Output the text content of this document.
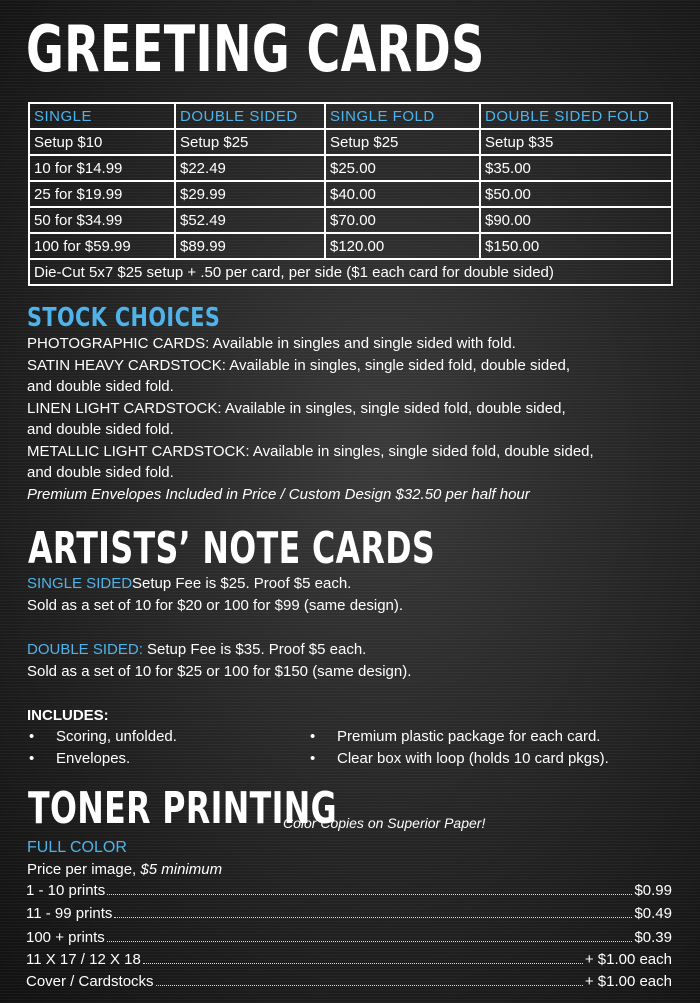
GREETING CARDS
SINGLE	DOUBLE SIDED	SINGLE FOLD	DOUBLE SIDED FOLD
Setup $10	Setup $25	Setup $25	Setup $35
10 for $14.99	$22.49	$25.00	$35.00
25 for $19.99	$29.99	$40.00	$50.00
50 for $34.99	$52.49	$70.00	$90.00
100 for $59.99	$89.99	$120.00	$150.00
Die-Cut 5x7 $25 setup + .50 per card, per side ($1 each card for double sided)			
STOCK CHOICES

PHOTOGRAPHIC CARDS: Available in singles and single sided with fold.

SATIN HEAVY CARDSTOCK: Available in singles, single sided fold, double sided,

and double sided fold.

LINEN LIGHT CARDSTOCK: Available in singles, single sided fold, double sided,

and double sided fold.

METALLIC LIGHT CARDSTOCK: Available in singles, single sided fold, double sided,

and double sided fold.

Premium Envelopes Included in Price / Custom Design $32.50 per half hour

ARTISTS’ NOTE CARDS

SINGLE SIDEDSetup Fee is $25. Proof $5 each.

Sold as a set of 10 for $20 or 100 for $99 (same design).

DOUBLE SIDED: Setup Fee is $35. Proof $5 each.

Sold as a set of 10 for $25 or 100 for $150 (same design).

INCLUDES:
• Scoring, unfolded.
• Envelopes.
• Premium plastic package for each card.
• Clear box with loop (holds 10 card pkgs).
TONER PRINTING
Color Copies on Superior Paper!
FULL COLOR
Price per image, $5 minimum
1 - 10 prints	$0.99
11 - 99 prints	$0.49
100 + prints	$0.39
11 X 17 / 12 X 18	+ $1.00 each
Cover / Cardstocks	+ $1.00 each
